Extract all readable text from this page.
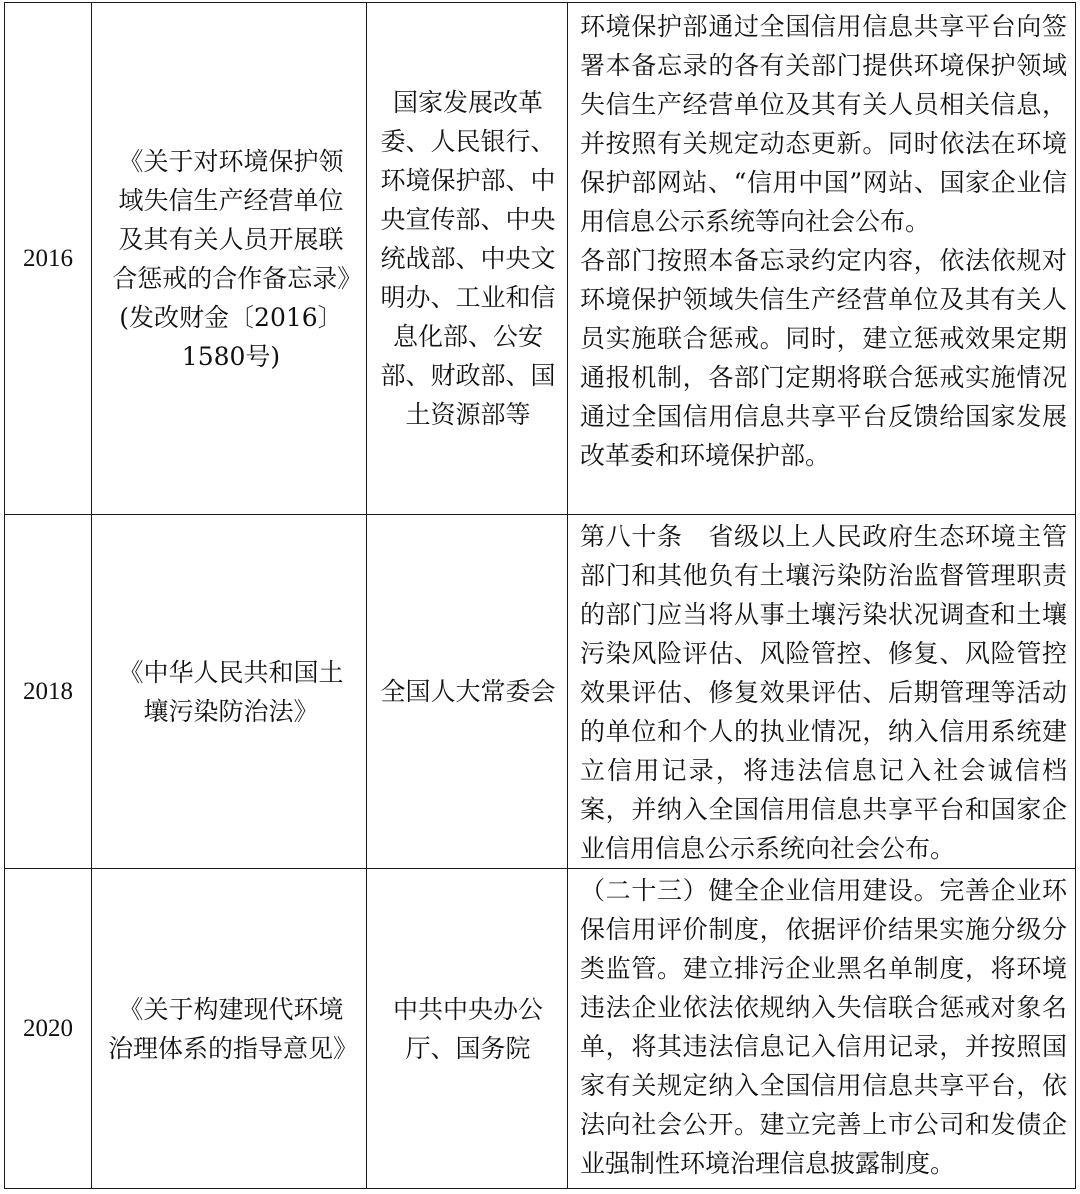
2016	《关于对环境保护领域失信生产经营单位及其有关人员开展联合惩戒的合作备忘录》(发改财金〔2016〕1580号)	国家发展改革委、人民银行、环境保护部、中央宣传部、中央统战部、中央文明办、工业和信息化部、公安部、财政部、国土资源部等	环境保护部通过全国信用信息共享平台向签署本备忘录的各有关部门提供环境保护领域失信生产经营单位及其有关人员相关信息，并按照有关规定动态更新。同时依法在环境保护部网站、“信用中国”网站、国家企业信用信息公示系统等向社会公布。
各部门按照本备忘录约定内容，依法依规对环境保护领域失信生产经营单位及其有关人员实施联合惩戒。同时，建立惩戒效果定期通报机制，各部门定期将联合惩戒实施情况通过全国信用信息共享平台反馈给国家发展改革委和环境保护部。

2018	《中华人民共和国土壤污染防治法》	全国人大常委会	第八十条　省级以上人民政府生态环境主管部门和其他负有土壤污染防治监督管理职责的部门应当将从事土壤污染状况调查和土壤污染风险评估、风险管控、修复、风险管控效果评估、修复效果评估、后期管理等活动的单位和个人的执业情况，纳入信用系统建立信用记录，将违法信息记入社会诚信档案，并纳入全国信用信息共享平台和国家企业信用信息公示系统向社会公布。

2020	《关于构建现代环境治理体系的指导意见》	中共中央办公厅、国务院	（二十三）健全企业信用建设。完善企业环保信用评价制度，依据评价结果实施分级分类监管。建立排污企业黑名单制度，将环境违法企业依法依规纳入失信联合惩戒对象名单，将其违法信息记入信用记录，并按照国家有关规定纳入全国信用信息共享平台，依法向社会公开。建立完善上市公司和发债企业强制性环境治理信息披露制度。
